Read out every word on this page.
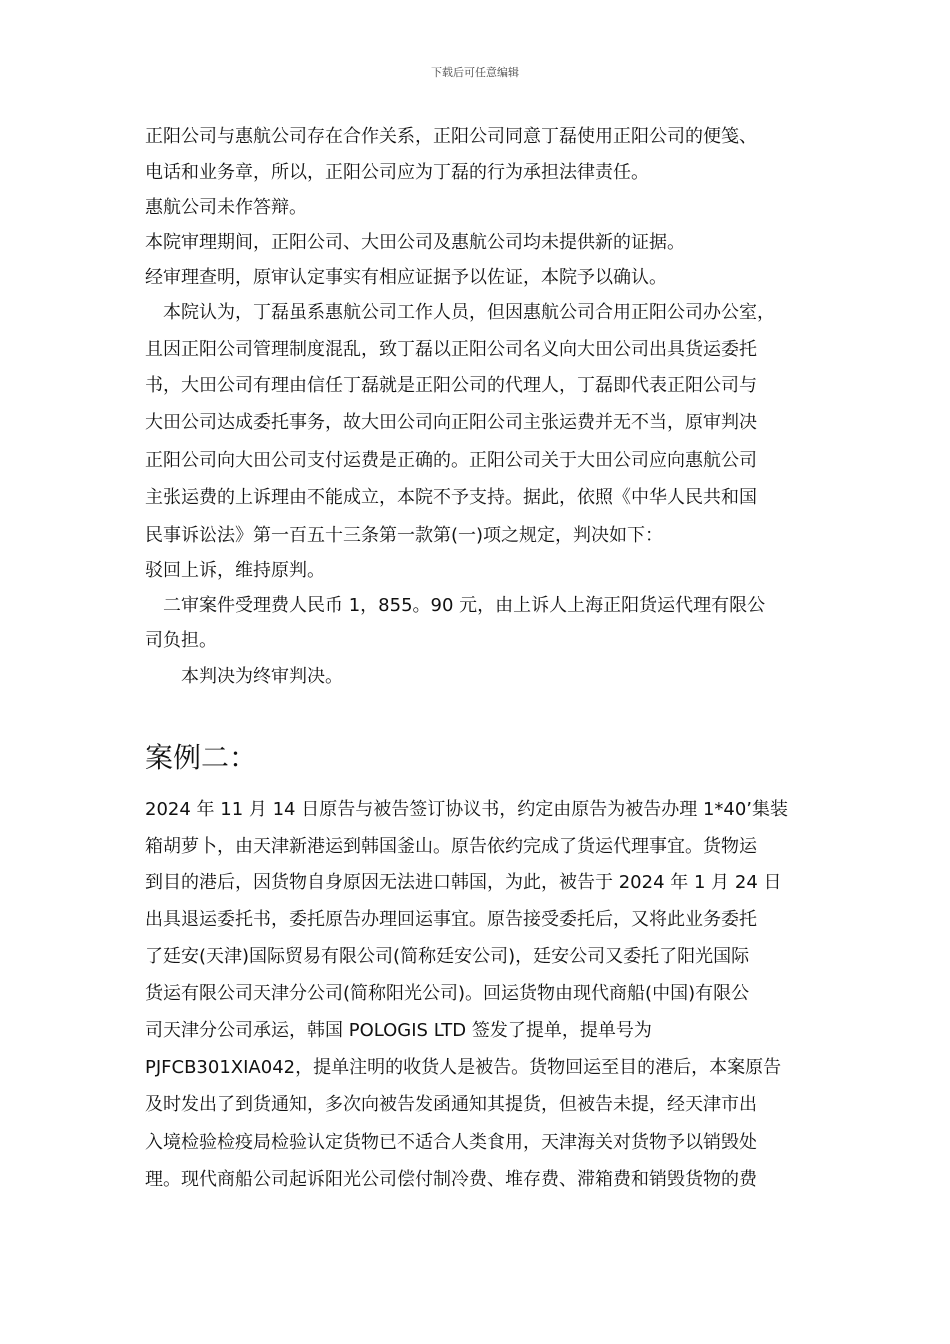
下载后可任意编辑
正阳公司与惠航公司存在合作关系，正阳公司同意丁磊使用正阳公司的便笺、
电话和业务章，所以，正阳公司应为丁磊的行为承担法律责任。
惠航公司未作答辩。
本院审理期间，正阳公司、大田公司及惠航公司均未提供新的证据。
经审理查明，原审认定事实有相应证据予以佐证，本院予以确认。
　本院认为，丁磊虽系惠航公司工作人员，但因惠航公司合用正阳公司办公室，
且因正阳公司管理制度混乱，致丁磊以正阳公司名义向大田公司出具货运委托
书，大田公司有理由信任丁磊就是正阳公司的代理人，丁磊即代表正阳公司与
大田公司达成委托事务，故大田公司向正阳公司主张运费并无不当，原审判决
正阳公司向大田公司支付运费是正确的。正阳公司关于大田公司应向惠航公司
主张运费的上诉理由不能成立，本院不予支持。据此，依照《中华人民共和国
民事诉讼法》第一百五十三条第一款第(一)项之规定，判决如下：
驳回上诉，维持原判。
　二审案件受理费人民币 1，855。90 元，由上诉人上海正阳货运代理有限公
司负担。
　　本判决为终审判决。
案例二：
2024 年 11 月 14 日原告与被告签订协议书，约定由原告为被告办理 1*40’集装
箱胡萝卜，由天津新港运到韩国釜山。原告依约完成了货运代理事宜。货物运
到目的港后，因货物自身原因无法进口韩国，为此，被告于 2024 年 1 月 24 日
出具退运委托书，委托原告办理回运事宜。原告接受委托后，又将此业务委托
了廷安(天津)国际贸易有限公司(简称廷安公司)，廷安公司又委托了阳光国际
货运有限公司天津分公司(简称阳光公司)。回运货物由现代商船(中国)有限公
司天津分公司承运，韩国 POLOGIS LTD 签发了提单，提单号为
PJFCB301XIA042，提单注明的收货人是被告。货物回运至目的港后，本案原告
及时发出了到货通知，多次向被告发函通知其提货，但被告未提，经天津市出
入境检验检疫局检验认定货物已不适合人类食用，天津海关对货物予以销毁处
理。现代商船公司起诉阳光公司偿付制冷费、堆存费、滞箱费和销毁货物的费
